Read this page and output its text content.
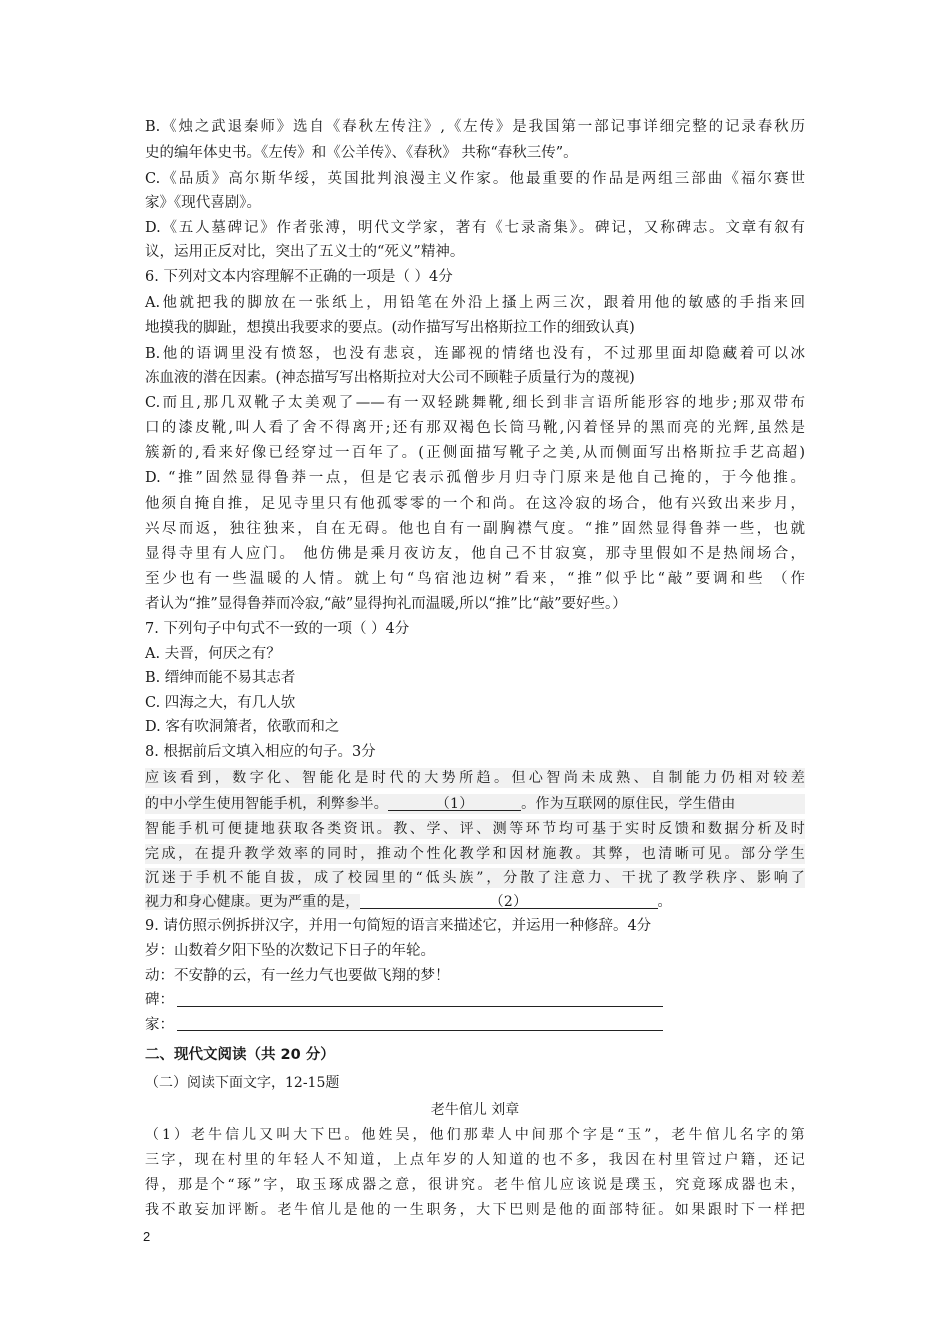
B.《烛之武退秦师》选自《春秋左传注》,《左传》是我国第一部记事详细完整的记录春秋历
史的编年体史书。《左传》和《公羊传》、《春秋》 共称“春秋三传”。
C.《品质》高尔斯华绥，英国批判浪漫主义作家。他最重要的作品是两组三部曲《福尔赛世
家》《现代喜剧》。
D.《五人墓碑记》作者张溥，明代文学家，著有《七录斋集》。碑记，又称碑志。文章有叙有
议，运用正反对比，突出了五义士的“死义”精神。
6. 下列对文本内容理解不正确的一项是（ ）4分
A.他就把我的脚放在一张纸上，用铅笔在外沿上搔上两三次，跟着用他的敏感的手指来回
地摸我的脚趾，想摸出我要求的要点。(动作描写写出格斯拉工作的细致认真)
B.他的语调里没有愤怒，也没有悲哀，连鄙视的情绪也没有，不过那里面却隐藏着可以冰
冻血液的潜在因素。(神态描写写出格斯拉对大公司不顾鞋子质量行为的蔑视)
C.而且,那几双靴子太美观了——有一双轻跳舞靴,细长到非言语所能形容的地步;那双带布
口的漆皮靴,叫人看了舍不得离开;还有那双褐色长筒马靴,闪着怪异的黑而亮的光辉,虽然是
簇新的,看来好像已经穿过一百年了。(正侧面描写靴子之美,从而侧面写出格斯拉手艺高超)
D. “推”固然显得鲁莽一点，但是它表示孤僧步月归寺门原来是他自己掩的，于今他推。
他须自掩自推，足见寺里只有他孤零零的一个和尚。在这冷寂的场合，他有兴致出来步月，
兴尽而返，独往独来，自在无碍。他也自有一副胸襟气度。“推”固然显得鲁莽一些，也就
显得寺里有人应门。 他仿佛是乘月夜访友，他自己不甘寂寞，那寺里假如不是热闹场合，
至少也有一些温暖的人情。就上句“鸟宿池边树”看来，“推”似乎比“敲”要调和些 （作
者认为“推”显得鲁莽而冷寂,“敲”显得拘礼而温暖,所以“推”比“敲”要好些。）
7. 下列句子中句式不一致的一项（ ）4分
A. 夫晋，何厌之有？
B. 缙绅而能不易其志者
C. 四海之大，有几人欤
D. 客有吹洞箫者，依歌而和之
8. 根据前后文填入相应的句子。3分
应该看到，数字化、智能化是时代的大势所趋。但心智尚未成熟、自制能力仍相对较差
的中小学生使用智能手机，利弊参半。	（1）	。作为互联网的原住民，学生借由
智能手机可便捷地获取各类资讯。教、学、评、测等环节均可基于实时反馈和数据分析及时
完成，在提升教学效率的同时，推动个性化教学和因材施教。其弊，也清晰可见。部分学生
沉迷于手机不能自拔，成了校园里的“低头族”，分散了注意力、干扰了教学秩序、影响了
视力和身心健康。更为严重的是，	（2）	。
9. 请仿照示例拆拼汉字，并用一句简短的语言来描述它，并运用一种修辞。4分
岁：山数着夕阳下坠的次数记下日子的年轮。
动：不安静的云，有一丝力气也要做飞翔的梦！
碑：
家：
二、现代文阅读（共 20 分）
（二）阅读下面文字，12-15题
老牛倌儿 刘章
（1）老牛信儿又叫大下巴。他姓吴，他们那辈人中间那个字是“玉”，老牛倌儿名字的第
三字，现在村里的年轻人不知道，上点年岁的人知道的也不多，我因在村里管过户籍，还记
得，那是个“琢”字，取玉琢成器之意，很讲究。老牛倌儿应该说是璞玉，究竟琢成器也未，
我不敢妄加评断。老牛倌儿是他的一生职务，大下巴则是他的面部特征。如果跟时下一样把
2
